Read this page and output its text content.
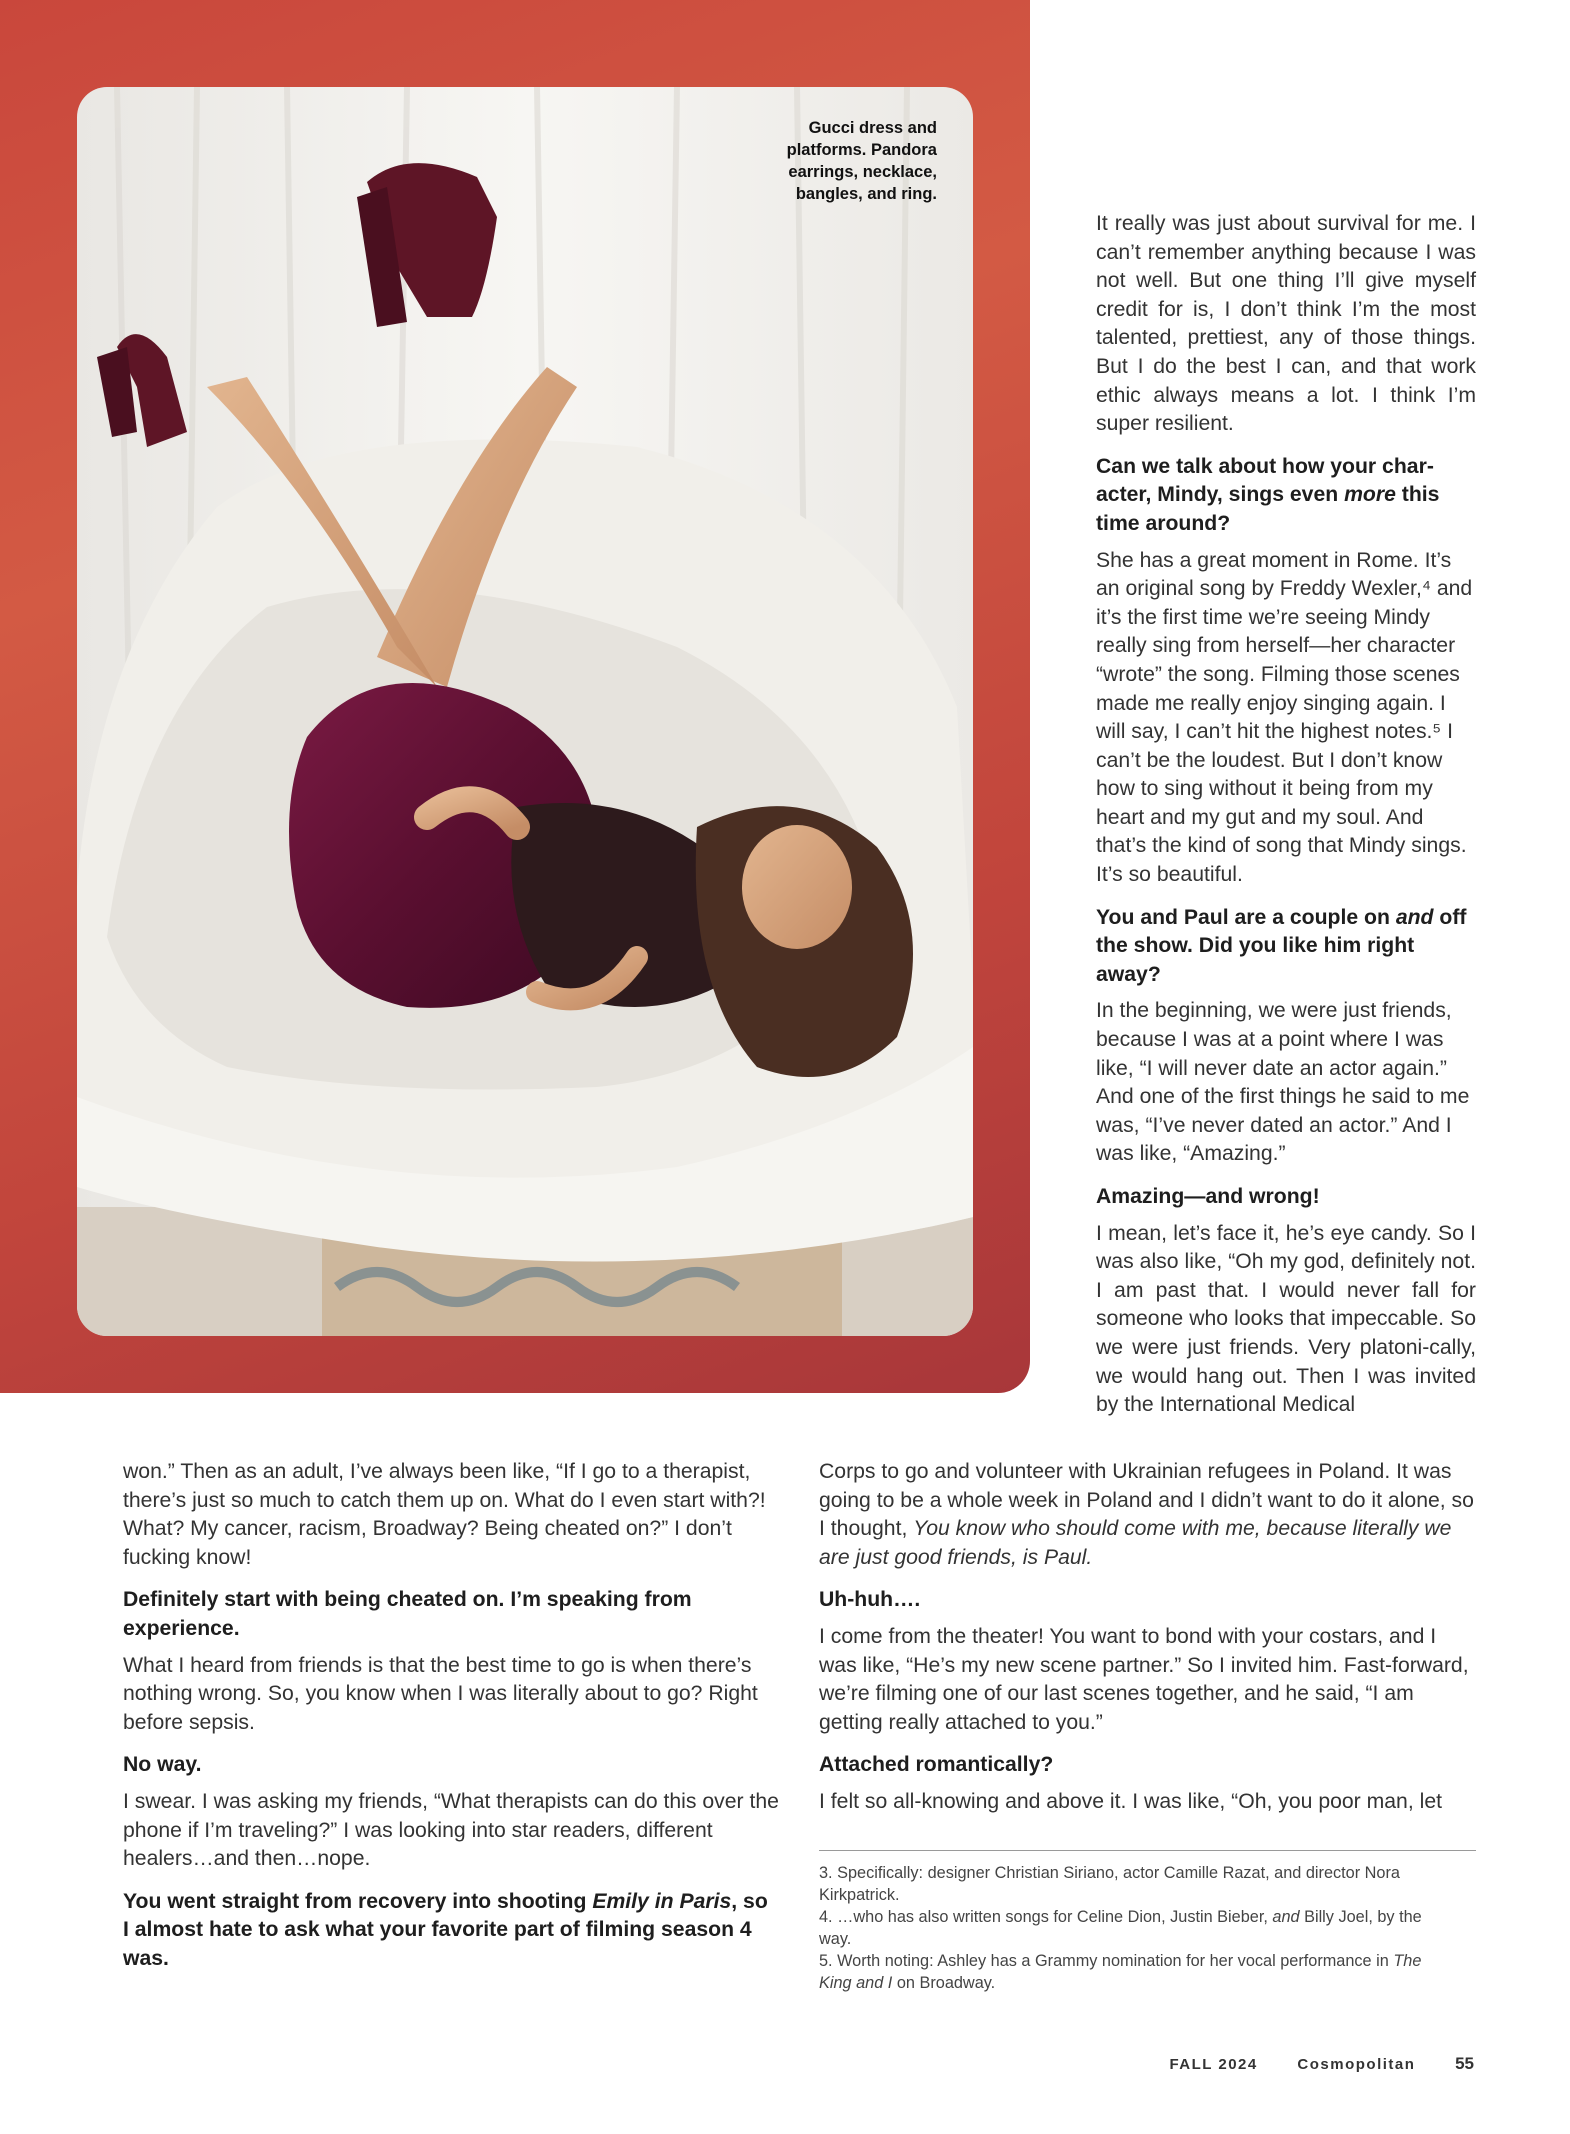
Gucci dress and
platforms. Pandora
earrings, necklace,
bangles, and ring.

It really was just about survival for me. I can’t remember anything because I was not well. But one thing I’ll give myself credit for is, I don’t think I’m the most talented, prettiest, any of those things. But I do the best I can, and that work ethic always means a lot. I think I’m super resilient.

Can we talk about how your char-acter, Mindy, sings even more this time around?

She has a great moment in Rome. It’s an original song by Freddy Wexler,⁴ and it’s the first time we’re seeing Mindy really sing from herself—her character “wrote” the song. Filming those scenes made me really enjoy singing again. I will say, I can’t hit the highest notes.⁵ I can’t be the loudest. But I don’t know how to sing without it being from my heart and my gut and my soul. And that’s the kind of song that Mindy sings. It’s so beautiful.

You and Paul are a couple on and off the show. Did you like him right away?

In the beginning, we were just friends, because I was at a point where I was like, “I will never date an actor again.” And one of the first things he said to me was, “I’ve never dated an actor.” And I was like, “Amazing.”

Amazing—and wrong!

I mean, let’s face it, he’s eye candy. So I was also like, “Oh my god, definitely not. I am past that. I would never fall for someone who looks that impeccable. So we were just friends. Very platoni-cally, we would hang out. Then I was invited by the International Medical

won.” Then as an adult, I’ve always been like, “If I go to a therapist, there’s just so much to catch them up on. What do I even start with?! What? My cancer, racism, Broadway? Being cheated on?” I don’t fucking know!

Definitely start with being cheated on. I’m speaking from experience.

What I heard from friends is that the best time to go is when there’s nothing wrong. So, you know when I was literally about to go? Right before sepsis.

No way.

I swear. I was asking my friends, “What therapists can do this over the phone if I’m traveling?” I was looking into star readers, different healers…and then…nope.

You went straight from recovery into shooting Emily in Paris, so I almost hate to ask what your favorite part of filming season 4 was.

Corps to go and volunteer with Ukrainian refugees in Poland. It was going to be a whole week in Poland and I didn’t want to do it alone, so I thought, You know who should come with me, because literally we are just good friends, is Paul.

Uh-huh….

I come from the theater! You want to bond with your costars, and I was like, “He’s my new scene partner.” So I invited him. Fast-forward, we’re filming one of our last scenes together, and he said, “I am getting really attached to you.”

Attached romantically?

I felt so all-knowing and above it. I was like, “Oh, you poor man, let

3. Specifically: designer Christian Siriano, actor Camille Razat, and director Nora Kirkpatrick.
4. …who has also written songs for Celine Dion, Justin Bieber, and Billy Joel, by the way.
5. Worth noting: Ashley has a Grammy nomination for her vocal performance in The King and I on Broadway.
FALL 2024	Cosmopolitan 55
